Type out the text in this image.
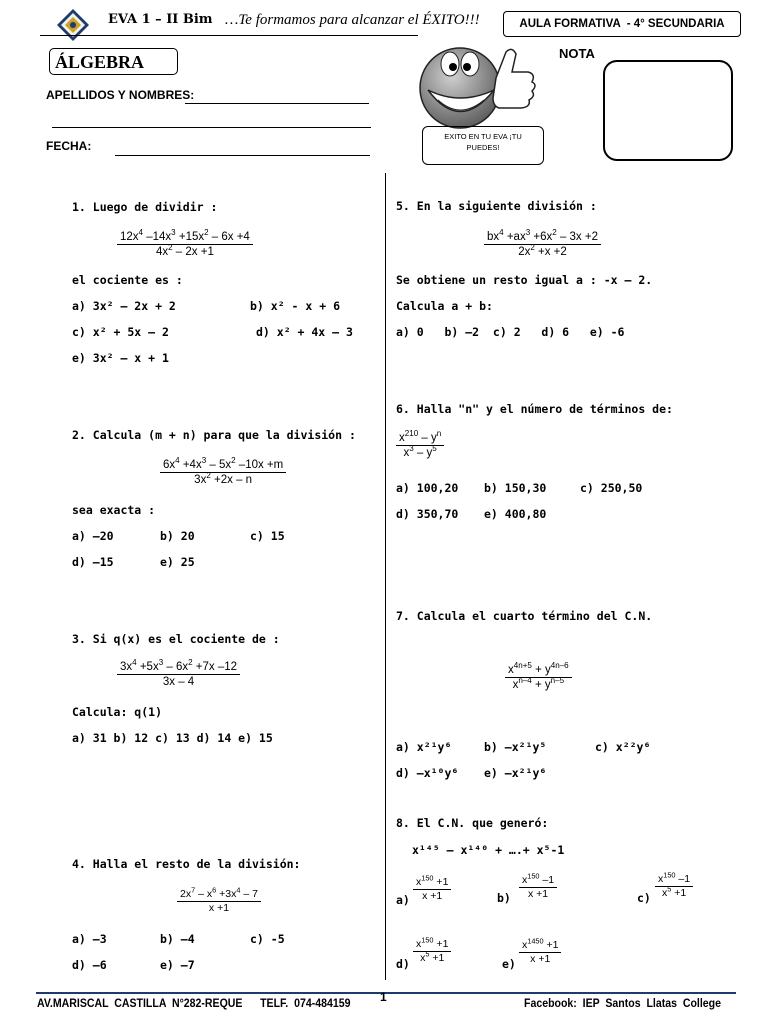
EVA 1 – II Bim …Te formamos para alcanzar el ÉXITO!!!	AULA FORMATIVA  - 4° SECUNDARIA
ÁLGEBRA
APELLIDOS Y NOMBRES:
FECHA:
EXITO EN TU EVA ¡TU PUEDES!
NOTA
1. Luego de dividir :
$\frac{12x^4 -14x^3 +15x^2 - 6x +4}{4x^2 - 2x +1}$
el cociente es :
a) 3x² – 2x + 2	b) x² - x + 6
c) x² + 5x – 2	d) x² + 4x – 3
e) 3x² – x + 1
2. Calcula (m + n) para que la división :
$\frac{6x^4 +4x^3 - 5x^2 -10x +m}{3x^2 +2x - n}$
sea exacta :
a) –20	b) 20	c) 15
d) –15	e) 25
3. Si q(x) es el cociente de :
$\frac{3x^4 +5x^3 - 6x^2 +7x -12}{3x - 4}$
Calcula: q(1)
a) 31 b) 12 c) 13 d) 14 e) 15
4. Halla el resto de la división:
$\frac{2x^7 - x^6 +3x^4 - 7}{x +1}$
a) –3	b) –4	c) -5
d) –6	e) –7
5. En la siguiente división :
$\frac{bx^4 +ax^3 +6x^2 - 3x +2}{2x^2 +x +2}$
Se obtiene un resto igual a : -x – 2.
Calcula a + b:
a) 0   b) –2  c) 2   d) 6   e) -6
6. Halla "n" y el número de términos de:
$\frac{x^{210} - y^n}{x^3 - y^5}$
a) 100,20 b) 150,30	c) 250,50
d) 350,70 e) 400,80
7. Calcula el cuarto término del C.N.
$\frac{x^{4n+5} + y^{4n-6}}{x^{n-4} + y^{n-5}}$
a) x²¹y⁶	b) –x²¹y⁵	c) x²²y⁶
d) –x¹⁰y⁶ e) –x²¹y⁶
8. El C.N. que generó:
x¹⁴⁵ – x¹⁴⁰ + ….+ x⁵-1
$a) \frac{x^{150} +1}{x +1}$	$b) \frac{x^{150} -1}{x +1}$	$c) \frac{x^{150} -1}{x^5 +1}$
$d) \frac{x^{150} +1}{x^5 +1}$	$e) \frac{x^{1450} +1}{x +1}$
AV.MARISCAL  CASTILLA  N°282-REQUE      TELF.  074-484159 1	Facebook:  IEP  Santos  Llatas  College
